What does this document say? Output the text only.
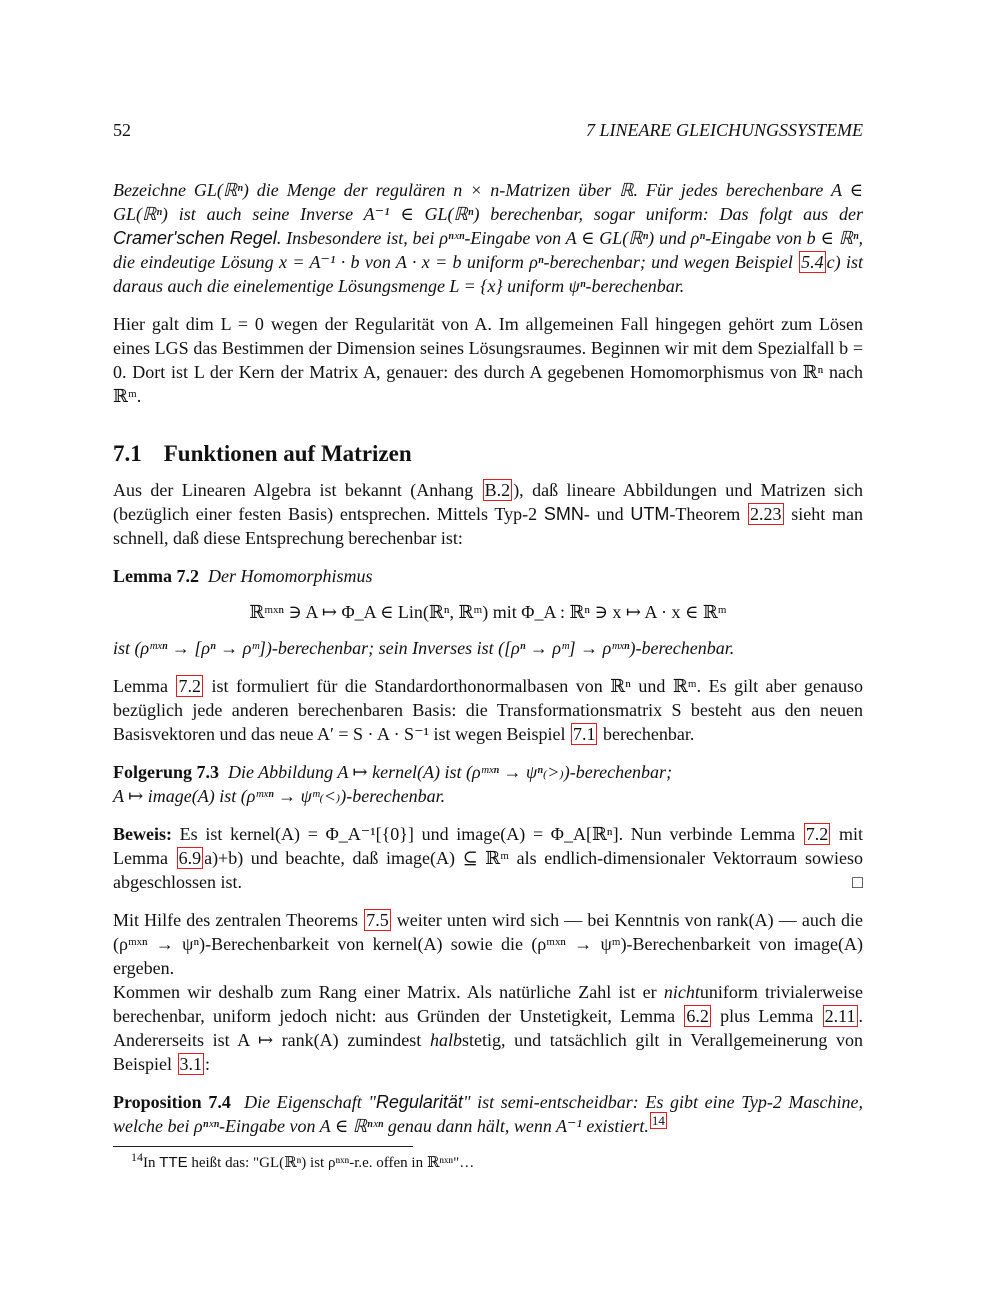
52	7 LINEARE GLEICHUNGSSYSTEME

Bezeichne GL(ℝⁿ) die Menge der regulären n × n-Matrizen über ℝ. Für jedes berechenbare A ∈ GL(ℝⁿ) ist auch seine Inverse A⁻¹ ∈ GL(ℝⁿ) berechenbar, sogar uniform: Das folgt aus der Cramer'schen Regel. Insbesondere ist, bei ρⁿˣⁿ-Eingabe von A ∈ GL(ℝⁿ) und ρⁿ-Eingabe von b ∈ ℝⁿ, die eindeutige Lösung x = A⁻¹ · b von A · x = b uniform ρⁿ-berechenbar; und wegen Beispiel 5.4 c) ist daraus auch die einelementige Lösungsmenge L = {x} uniform ψⁿ-berechenbar.

Hier galt dim L = 0 wegen der Regularität von A. Im allgemeinen Fall hingegen gehört zum Lösen eines LGS das Bestimmen der Dimension seines Lösungsraumes. Beginnen wir mit dem Spezialfall b = 0. Dort ist L der Kern der Matrix A, genauer: des durch A gegebenen Homomorphismus von ℝⁿ nach ℝᵐ.

7.1 Funktionen auf Matrizen

Aus der Linearen Algebra ist bekannt (Anhang B.2 ), daß lineare Abbildungen und Matrizen sich (bezüglich einer festen Basis) entsprechen. Mittels Typ-2 SMN- und UTM-Theorem 2.23 sieht man schnell, daß diese Entsprechung berechenbar ist:

Lemma 7.2 Der Homomorphismus

ℝᵐˣⁿ ∋ A ↦ Φ_A ∈ Lin(ℝⁿ, ℝᵐ) mit Φ_A : ℝⁿ ∋ x ↦ A · x ∈ ℝᵐ

ist (ρᵐˣⁿ → [ρⁿ → ρᵐ])-berechenbar; sein Inverses ist ([ρⁿ → ρᵐ] → ρᵐˣⁿ)-berechenbar.

Lemma 7.2 ist formuliert für die Standardorthonormalbasen von ℝⁿ und ℝᵐ. Es gilt aber genauso bezüglich jede anderen berechenbaren Basis: die Transformationsmatrix S besteht aus den neuen Basisvektoren und das neue A′ = S · A · S⁻¹ ist wegen Beispiel 7.1 berechenbar.

Folgerung 7.3 Die Abbildung A ↦ kernel(A) ist (ρᵐˣⁿ → ψⁿ₍>₎)-berechenbar;

A ↦ image(A) ist (ρᵐˣⁿ → ψᵐ₍<₎)-berechenbar.

Beweis: Es ist kernel(A) = Φ_A⁻¹[{0}] und image(A) = Φ_A[ℝⁿ]. Nun verbinde Lemma 7.2 mit Lemma 6.9 a)+b) und beachte, daß image(A) ⊆ ℝᵐ als endlich-dimensionaler Vektorraum sowieso abgeschlossen ist.	□

Mit Hilfe des zentralen Theorems 7.5 weiter unten wird sich — bei Kenntnis von rank(A) — auch die (ρᵐˣⁿ → ψⁿ)-Berechenbarkeit von kernel(A) sowie die (ρᵐˣⁿ → ψᵐ)-Berechenbarkeit von image(A) ergeben.

Kommen wir deshalb zum Rang einer Matrix. Als natürliche Zahl ist er nichtuniform trivialerweise berechenbar, uniform jedoch nicht: aus Gründen der Unstetigkeit, Lemma 6.2 plus Lemma 2.11 . Andererseits ist A ↦ rank(A) zumindest halbstetig, und tatsächlich gilt in Verallgemeinerung von Beispiel 3.1 :

Proposition 7.4 Die Eigenschaft "Regularität" ist semi-entscheidbar: Es gibt eine Typ-2 Maschine, welche bei ρⁿˣⁿ-Eingabe von A ∈ ℝⁿˣⁿ genau dann hält, wenn A⁻¹ existiert. $^{14}$

$^{14}$In TTE heißt das: "GL(ℝⁿ) ist ρⁿˣⁿ-r.e. offen in ℝⁿˣⁿ"…
